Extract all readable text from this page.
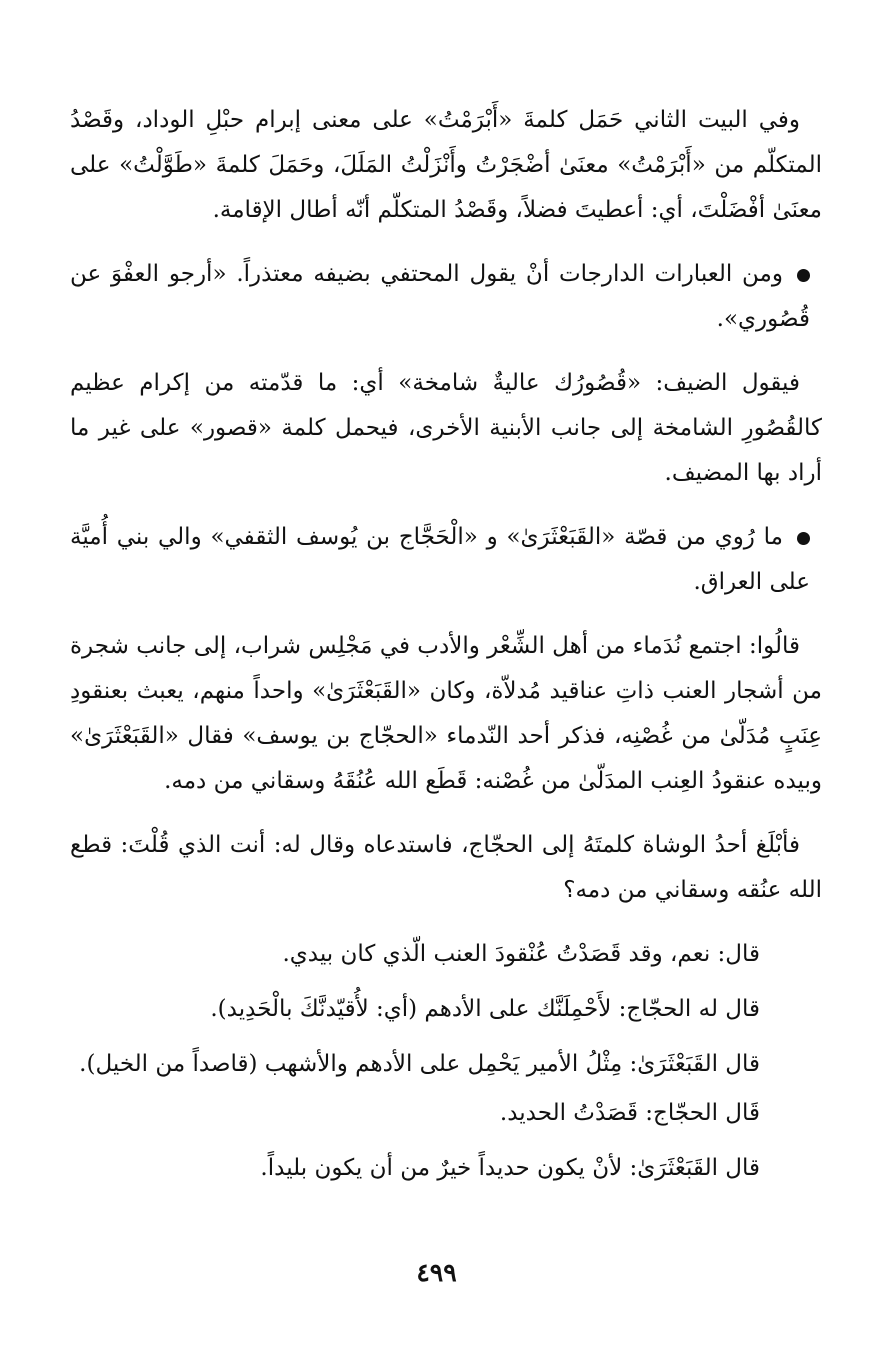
وفي البيت الثاني حَمَل كلمةَ «أَبْرَمْتُ» على معنى إبرام حبْلِ الوداد، وقَصْدُ المتكلّم من «أَبْرَمْتُ» معنَىٰ أضْجَرْتُ وأَنْزَلْتُ المَلَلَ، وحَمَلَ كلمةَ «طَوَّلْتُ» على معنَىٰ أفْضَلْتَ، أي: أعطيتَ فضلاً، وقَصْدُ المتكلّم أنّه أطال الإقامة.

ومن العبارات الدارجات أنْ يقول المحتفي بضيفه معتذراً. «أرجو العفْوَ عن قُصُوري».

فيقول الضيف: «قُصُورُك عاليةٌ شامخة» أي: ما قدّمته من إكرام عظيم كالقُصُورِ الشامخة إلى جانب الأبنية الأخرى، فيحمل كلمة «قصور» على غير ما أراد بها المضيف.

ما رُوي من قصّة «القَبَعْثَرَىٰ» و «الْحَجَّاج بن يُوسف الثقفي» والي بني أُميَّة على العراق.

قالُوا: اجتمع نُدَماء من أهل الشِّعْر والأدب في مَجْلِس شراب، إلى جانب شجرة من أشجار العنب ذاتِ عناقيد مُدلاّة، وكان «القَبَعْثَرَىٰ» واحداً منهم، يعبث بعنقودِ عِنَبٍ مُدَلّىٰ من غُصْنِه، فذكر أحد النّدماء «الحجّاج بن يوسف» فقال «القَبَعْثَرَىٰ» وبيده عنقودُ العِنب المدَلّىٰ من غُصْنه: قَطَع الله عُنُقَهُ وسقاني من دمه.

فأبْلَغ أحدُ الوشاة كلمتَهُ إلى الحجّاج، فاستدعاه وقال له: أنت الذي قُلْتَ: قطع الله عنُقه وسقاني من دمه؟

قال: نعم، وقد قَصَدْتُ عُنْقودَ العنب الّذي كان بيدي.

قال له الحجّاج: لأَحْمِلَنَّك على الأدهم (أي: لأُقيّدنَّكَ بالْحَدِيد).

قال القَبَعْثَرَىٰ: مِثْلُ الأمير يَحْمِل على الأدهم والأشهب (قاصداً من الخيل).

قَال الحجّاج: قَصَدْتُ الحديد.

قال القَبَعْثَرَىٰ: لأنْ يكون حديداً خيرٌ من أن يكون بليداً.

٤٩٩
